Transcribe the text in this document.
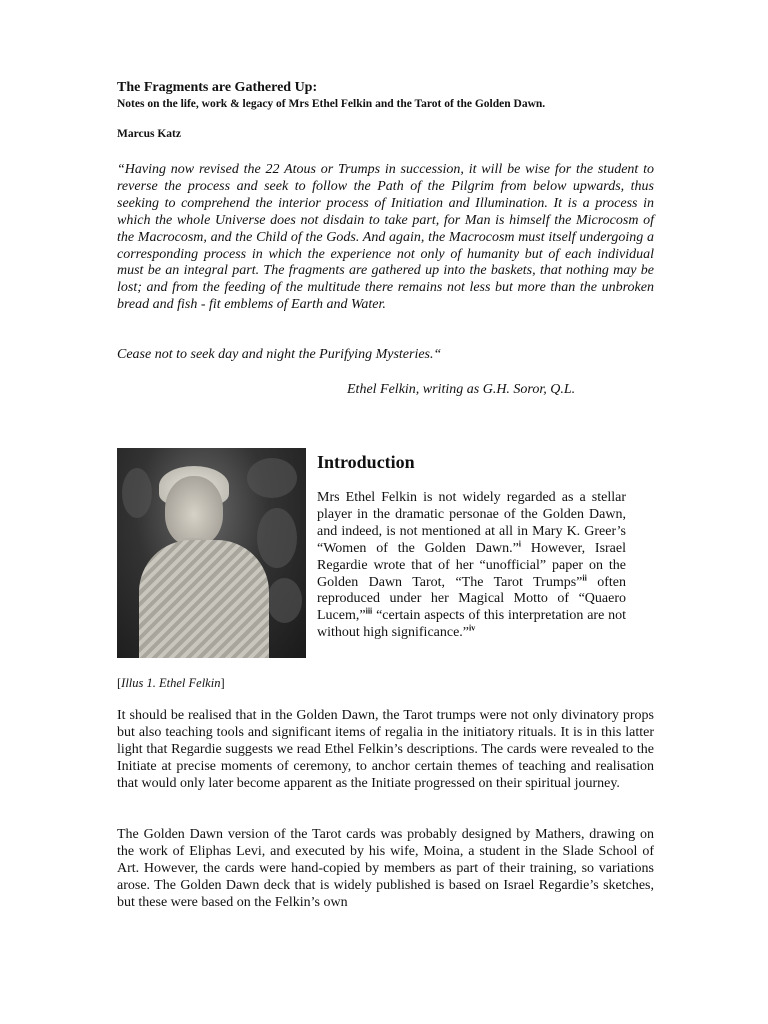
The Fragments are Gathered Up:
Notes on the life, work & legacy of Mrs Ethel Felkin and the Tarot of the Golden Dawn.
Marcus Katz

“Having now revised the 22 Atous or Trumps in succession, it will be wise for the student to reverse the process and seek to follow the Path of the Pilgrim from below upwards, thus seeking to comprehend the interior process of Initiation and Illumination. It is a process in which the whole Universe does not disdain to take part, for Man is himself the Microcosm of the Macrocosm, and the Child of the Gods. And again, the Macrocosm must itself undergoing a corresponding process in which the experience not only of humanity but of each individual must be an integral part. The fragments are gathered up into the baskets, that nothing may be lost; and from the feeding of the multitude there remains not less but more than the unbroken bread and fish - fit emblems of Earth and Water.

Cease not to seek day and night the Purifying Mysteries.“

Ethel Felkin, writing as G.H. Soror, Q.L.

Introduction

Mrs Ethel Felkin is not widely regarded as a stellar player in the dramatic personae of the Golden Dawn, and indeed, is not mentioned at all in Mary K. Greer’s “Women of the Golden Dawn.”$^i$ However, Israel Regardie wrote that of her “unofficial” paper on the Golden Dawn Tarot, “The Tarot Trumps”$^{ii}$ often reproduced under her Magical Motto of “Quaero Lucem,”$^{iii}$ “certain aspects of this interpretation are not without high significance.”$^{iv}$

[Illus 1. Ethel Felkin]

It should be realised that in the Golden Dawn, the Tarot trumps were not only divinatory props but also teaching tools and significant items of regalia in the initiatory rituals. It is in this latter light that Regardie suggests we read Ethel Felkin’s descriptions. The cards were revealed to the Initiate at precise moments of ceremony, to anchor certain themes of teaching and realisation that would only later become apparent as the Initiate progressed on their spiritual journey.

The Golden Dawn version of the Tarot cards was probably designed by Mathers, drawing on the work of Eliphas Levi, and executed by his wife, Moina, a student in the Slade School of Art. However, the cards were hand-copied by members as part of their training, so variations arose. The Golden Dawn deck that is widely published is based on Israel Regardie’s sketches, but these were based on the Felkin’s own
